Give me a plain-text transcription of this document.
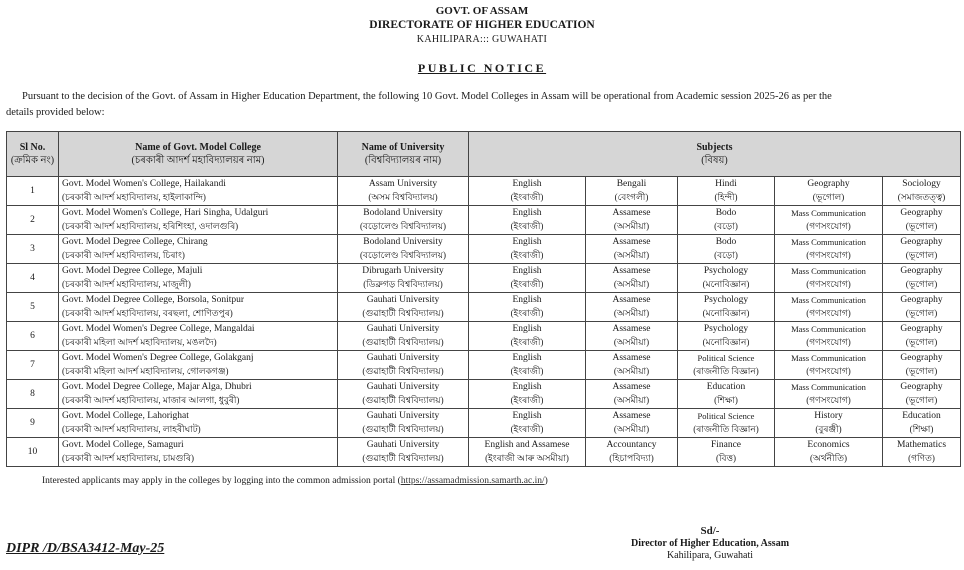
GOVT. OF ASSAM
DIRECTORATE OF HIGHER EDUCATION
KAHILIPARA::: GUWAHATI
PUBLIC NOTICE
Pursuant to the decision of the Govt. of Assam in Higher Education Department, the following 10 Govt. Model Colleges in Assam will be operational from Academic session 2025-26 as per the
details provided below:
Sl No.
(ক্ৰমিক নং)	Name of Govt. Model College
(চৰকাৰী আদৰ্শ মহাবিদ্যালয়ৰ নাম)	Name of University
(বিশ্ববিদ্যালয়ৰ নাম)	Subjects
(বিষয়)				

1	Govt. Model Women's College, Hailakandi
(চৰকাৰী আদৰ্শ মহাবিদ্যালয়, হাইলাকান্দি)	Assam University
(অসম বিশ্ববিদ্যালয়)	English
(ইংৰাজী)	Bengali
(বেংগলী)	Hindi
(হিন্দী)	Geography
(ভূগোল)	Sociology
(সমাজতত্ত্ব)

2	Govt. Model Women's College, Hari Singha, Udalguri
(চৰকাৰী আদৰ্শ মহাবিদ্যালয়, হৰিশিংহা, ওদালগুৰি)	Bodoland University
(বড়োলেণ্ড বিশ্ববিদ্যালয়)	English
(ইংৰাজী)	Assamese
(অসমীয়া)	Bodo
(বড়ো)	Mass Communication
(গণসংযোগ)	Geography
(ভূগোল)

3	Govt. Model Degree College, Chirang
(চৰকাৰী আদৰ্শ মহাবিদ্যালয়, চিৰাং)	Bodoland University
(বড়োলেণ্ড বিশ্ববিদ্যালয়)	English
(ইংৰাজী)	Assamese
(অসমীয়া)	Bodo
(বড়ো)	Mass Communication
(গণসংযোগ)	Geography
(ভূগোল)

4	Govt. Model Degree College, Majuli
(চৰকাৰী আদৰ্শ মহাবিদ্যালয়, মাজুলী)	Dibrugarh University
(ডিব্ৰুগড় বিশ্ববিদ্যালয়)	English
(ইংৰাজী)	Assamese
(অসমীয়া)	Psychology
(মনোবিজ্ঞান)	Mass Communication
(গণসংযোগ)	Geography
(ভূগোল)

5	Govt. Model Degree College, Borsola, Sonitpur
(চৰকাৰী আদৰ্শ মহাবিদ্যালয়, বৰছলা, শোণিতপুৰ)	Gauhati University
(গুৱাহাটী বিশ্ববিদ্যালয়)	English
(ইংৰাজী)	Assamese
(অসমীয়া)	Psychology
(মনোবিজ্ঞান)	Mass Communication
(গণসংযোগ)	Geography
(ভূগোল)

6	Govt. Model Women's Degree College, Mangaldai
(চৰকাৰী মহিলা আদৰ্শ মহাবিদ্যালয়, মঙলদৈ)	Gauhati University
(গুৱাহাটী বিশ্ববিদ্যালয়)	English
(ইংৰাজী)	Assamese
(অসমীয়া)	Psychology
(মনোবিজ্ঞান)	Mass Communication
(গণসংযোগ)	Geography
(ভূগোল)

7	Govt. Model Women's Degree College, Golakganj
(চৰকাৰী মহিলা আদৰ্শ মহাবিদ্যালয়, গোলকগঞ্জ)	Gauhati University
(গুৱাহাটী বিশ্ববিদ্যালয়)	English
(ইংৰাজী)	Assamese
(অসমীয়া)	Political Science
(ৰাজনীতি বিজ্ঞান)	Mass Communication
(গণসংযোগ)	Geography
(ভূগোল)

8	Govt. Model Degree College, Majar Alga, Dhubri
(চৰকাৰী আদৰ্শ মহাবিদ্যালয়, মাজাৰ আলগা, ধুবুৰী)	Gauhati University
(গুৱাহাটী বিশ্ববিদ্যালয়)	English
(ইংৰাজী)	Assamese
(অসমীয়া)	Education
(শিক্ষা)	Mass Communication
(গণসংযোগ)	Geography
(ভূগোল)

9	Govt. Model College, Lahorighat
(চৰকাৰী আদৰ্শ মহাবিদ্যালয়, লাহৰীঘাট)	Gauhati University
(গুৱাহাটী বিশ্ববিদ্যালয়)	English
(ইংৰাজী)	Assamese
(অসমীয়া)	Political Science
(ৰাজনীতি বিজ্ঞান)	History
(বুৰঞ্জী)	Education
(শিক্ষা)

10	Govt. Model College, Samaguri
(চৰকাৰী আদৰ্শ মহাবিদ্যালয়, চামগুৰি)	Gauhati University
(গুৱাহাটী বিশ্ববিদ্যালয়)	English and Assamese
(ইংৰাজী আৰু অসমীয়া)	Accountancy
(হিচাপবিদ্যা)	Finance
(বিত্ত)	Economics
(অৰ্থনীতি)	Mathematics
(গণিত)
Interested applicants may apply in the colleges by logging into the common admission portal (https://assamadmission.samarth.ac.in/)
DIPR /D/BSA3412-May-25
Sd/-
Director of Higher Education, Assam
Kahilipara, Guwahati
